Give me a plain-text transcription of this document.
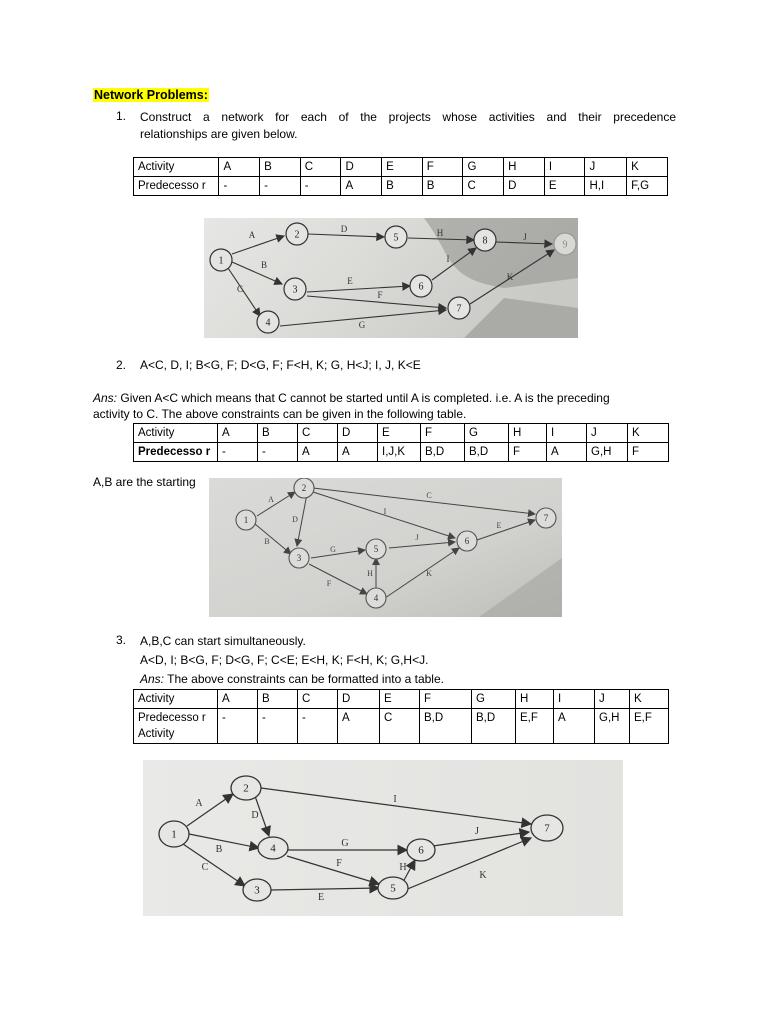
Network Problems:
1. Construct a network for each of the projects whose activities and their precedence
relationships are given below.
Activity	A	B	C	D	E	F	G	H	I	J	K
Predecesso r	-	-	-	A	B	B	C	D	E	H,I	F,G
1
2
3
4
5
6
7
8	9
A
B
C
D
E
F
G
H
I
J
K
2. A<C, D, I; B<G, F; D<G, F; F<H, K; G, H<J; I, J, K<E
Ans: Given A<C which means that C cannot be started until A is completed. i.e. A is the preceding
activity to C. The above constraints can be given in the following table.
Activity	A	B	C	D	E	F	G	H	I	J	K
Predecesso r	-	-	A	A	I,J,K	B,D	B,D	F	A	G,H	F
A,B are the starting
1
2
3
4
5
6
7
A
B
C
D
E
F
G
H
I
J
K
3. A,B,C can start simultaneously.
A<D, I; B<G, F; D<G, F; C<E; E<H, K; F<H, K; G,H<J.
Ans: The above constraints can be formatted into a table.
Activity	A	B	C	D	E	F	G	H	I	J	K
Predecesso r Activity	-	-	-	A	C	B,D	B,D	E,F	A	G,H	E,F
1
2
3
4
5
6
7
A
B
C
D
E
F
G
H
I
J
K
